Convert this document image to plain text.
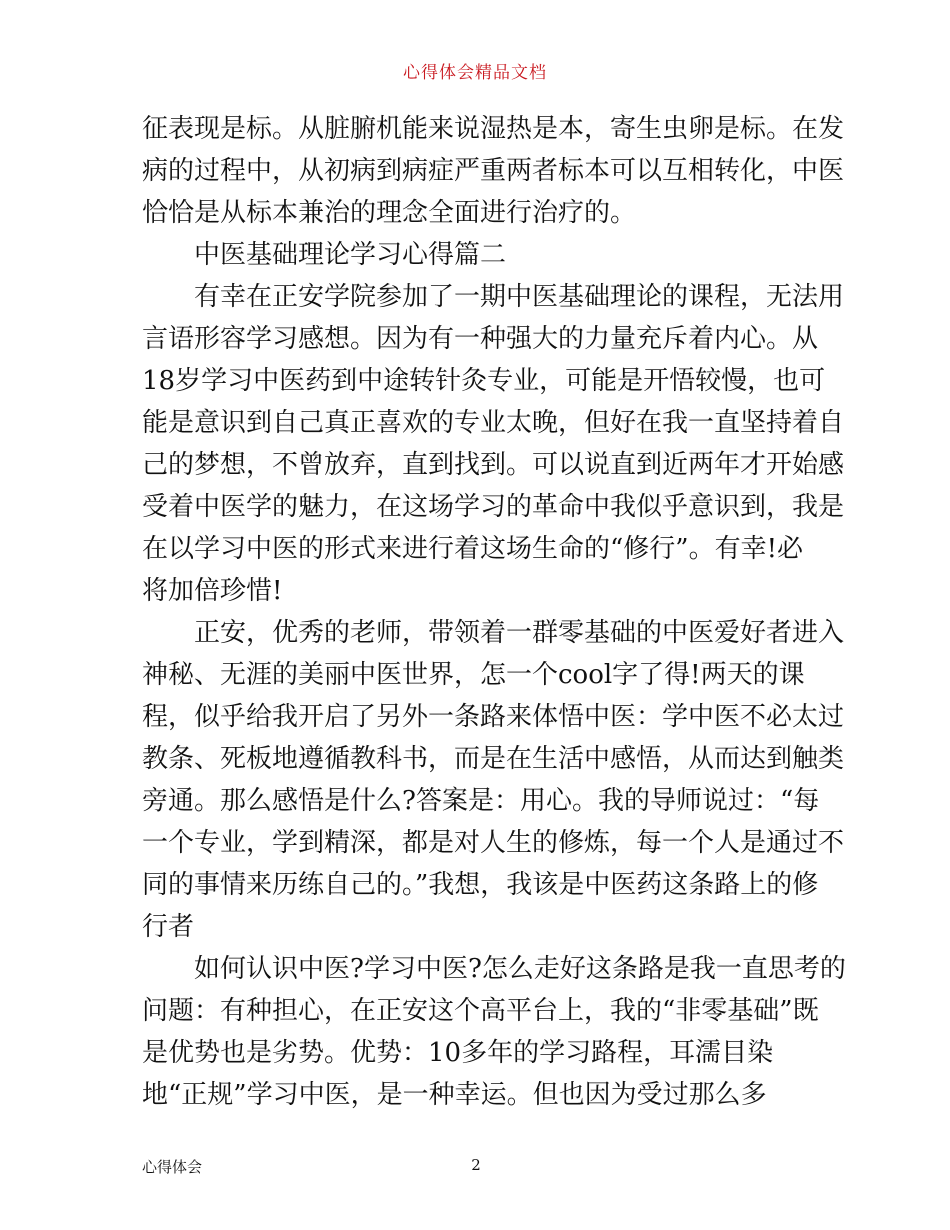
心得体会精品文档
征表现是标。从脏腑机能来说湿热是本，寄生虫卵是标。在发
病的过程中，从初病到病症严重两者标本可以互相转化，中医
恰恰是从标本兼治的理念全面进行治疗的。
中医基础理论学习心得篇二
有幸在正安学院参加了一期中医基础理论的课程，无法用
言语形容学习感想。因为有一种强大的力量充斥着内心。从
18岁学习中医药到中途转针灸专业，可能是开悟较慢，也可
能是意识到自己真正喜欢的专业太晚，但好在我一直坚持着自
己的梦想，不曾放弃，直到找到。可以说直到近两年才开始感
受着中医学的魅力，在这场学习的革命中我似乎意识到，我是
在以学习中医的形式来进行着这场生命的“修行”。有幸!必
将加倍珍惜!
正安，优秀的老师，带领着一群零基础的中医爱好者进入
神秘、无涯的美丽中医世界，怎一个cool字了得!两天的课
程，似乎给我开启了另外一条路来体悟中医：学中医不必太过
教条、死板地遵循教科书，而是在生活中感悟，从而达到触类
旁通。那么感悟是什么?答案是：用心。我的导师说过：“每
一个专业，学到精深，都是对人生的修炼，每一个人是通过不
同的事情来历练自己的。”我想，我该是中医药这条路上的修
行者
如何认识中医?学习中医?怎么走好这条路是我一直思考的
问题：有种担心，在正安这个高平台上，我的“非零基础”既
是优势也是劣势。优势：10多年的学习路程，耳濡目染
地“正规”学习中医，是一种幸运。但也因为受过那么多
心得体会	2
